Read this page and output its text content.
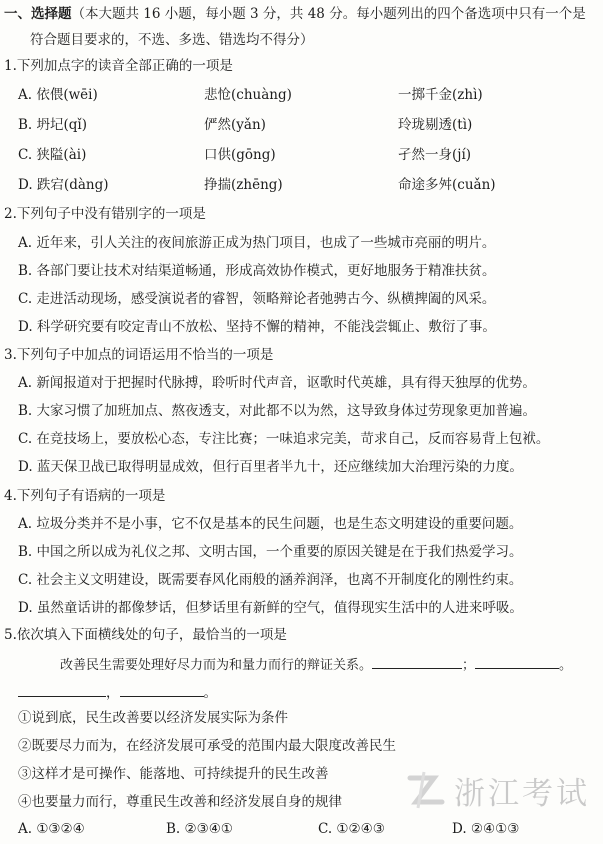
一、选择题（本大题共 16 小题，每小题 3 分，共 48 分。每小题列出的四个备选项中只有一个是
符合题目要求的，不选、多选、错选均不得分）
1.下列加点字的读音全部正确的一项是
A. 依偎(wēi)	悲怆(chuàng)	一掷千金(zhì)
B. 坍圮(qǐ)	俨然(yǎn)	玲珑剔透(tì)
C. 狭隘(ài)	口供(gōng)	孑然一身(jí)
D. 跌宕(dàng)	挣揣(zhēng)	命途多舛(cuǎn)
2.下列句子中没有错别字的一项是
A. 近年来，引人关注的夜间旅游正成为热门项目，也成了一些城市亮丽的明片。
B. 各部门要让技术对结渠道畅通，形成高效协作模式，更好地服务于精准扶贫。
C. 走进活动现场，感受演说者的睿智，领略辩论者弛骋古今、纵横捭阖的风采。
D. 科学研究要有咬定青山不放松、坚持不懈的精神，不能浅尝辄止、敷衍了事。
3.下列句子中加点的词语运用不恰当的一项是
A. 新闻报道对于把握时代脉搏，聆听时代声音，讴歌时代英雄，具有得天独厚的优势。
B. 大家习惯了加班加点、熬夜透支，对此都不以为然，这导致身体过劳现象更加普遍。
C. 在竞技场上，要放松心态，专注比赛；一味追求完美，苛求自己，反而容易背上包袱。
D. 蓝天保卫战已取得明显成效，但行百里者半九十，还应继续加大治理污染的力度。
4.下列句子有语病的一项是
A. 垃圾分类并不是小事，它不仅是基本的民生问题，也是生态文明建设的重要问题。
B. 中国之所以成为礼仪之邦、文明古国，一个重要的原因关键是在于我们热爱学习。
C. 社会主义文明建设，既需要春风化雨般的涵养润泽，也离不开制度化的刚性约束。
D. 虽然童话讲的都像梦话，但梦话里有新鲜的空气，值得现实生活中的人进来呼吸。
5.依次填入下面横线处的句子，最恰当的一项是
改善民生需要处理好尽力而为和量力而行的辩证关系。	；	。
，	。
①说到底，民生改善要以经济发展实际为条件
②既要尽力而为，在经济发展可承受的范围内最大限度改善民生
③这样才是可操作、能落地、可持续提升的民生改善
④也要量力而行，尊重民生改善和经济发展自身的规律
A. ①③②④	B. ②③④①	C. ①②④③	D. ②④①③
浙江考试
